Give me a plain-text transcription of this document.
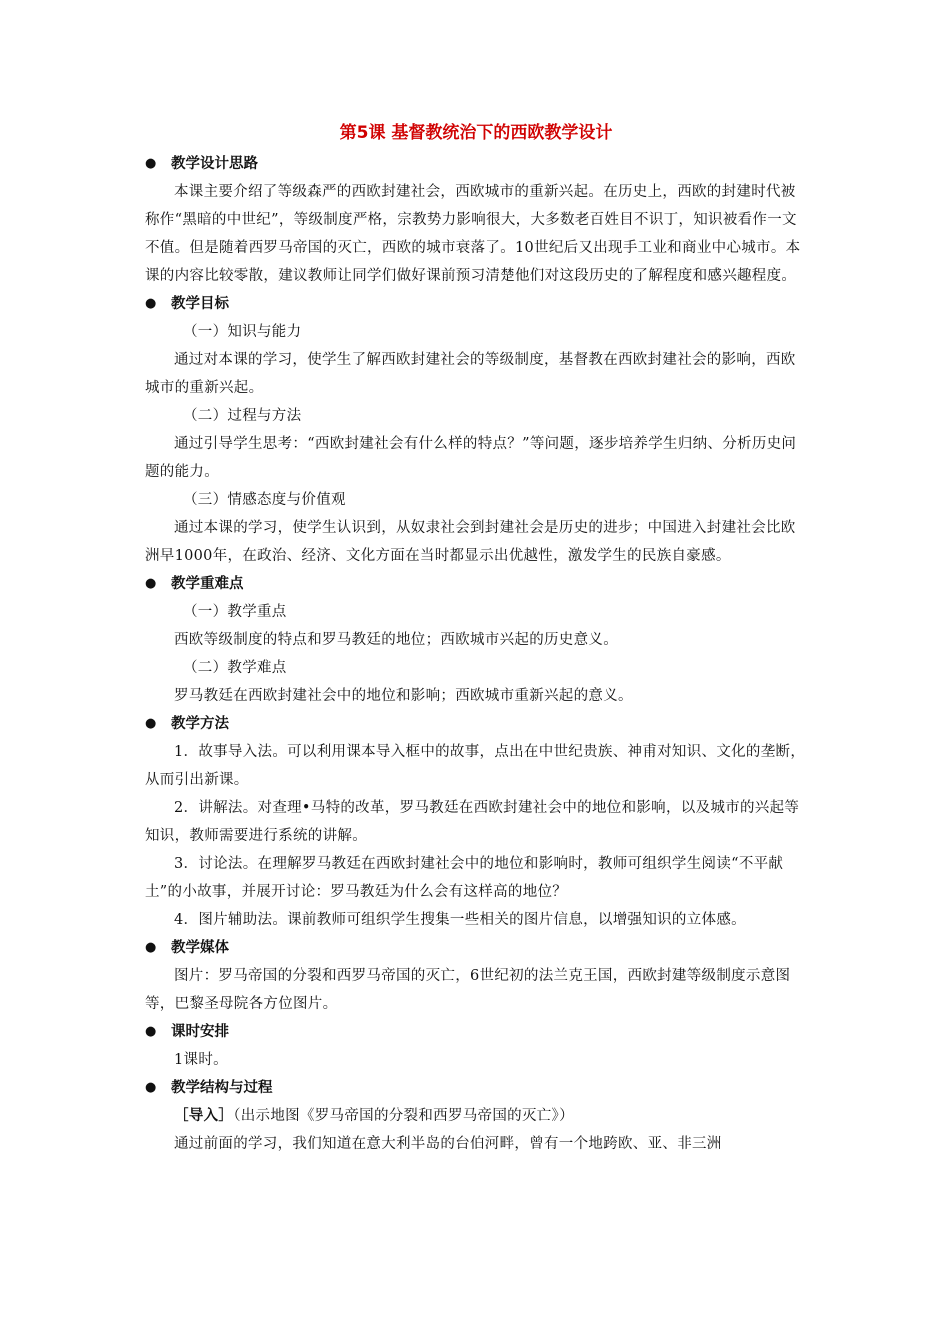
第5课 基督教统治下的西欧教学设计
●	教学设计思路

本课主要介绍了等级森严的西欧封建社会，西欧城市的重新兴起。在历史上，西欧的封建时代被称作“黑暗的中世纪”，等级制度严格，宗教势力影响很大，大多数老百姓目不识丁，知识被看作一文不值。但是随着西罗马帝国的灭亡，西欧的城市衰落了。10世纪后又出现手工业和商业中心城市。本课的内容比较零散，建议教师让同学们做好课前预习清楚他们对这段历史的了解程度和感兴趣程度。

●	教学目标

（一）知识与能力

通过对本课的学习，使学生了解西欧封建社会的等级制度，基督教在西欧封建社会的影响，西欧城市的重新兴起。

（二）过程与方法

通过引导学生思考：“西欧封建社会有什么样的特点？”等问题，逐步培养学生归纳、分析历史问题的能力。

（三）情感态度与价值观

通过本课的学习，使学生认识到，从奴隶社会到封建社会是历史的进步；中国进入封建社会比欧洲早1000年，在政治、经济、文化方面在当时都显示出优越性，激发学生的民族自豪感。

●	教学重难点

（一）教学重点

西欧等级制度的特点和罗马教廷的地位；西欧城市兴起的历史意义。

（二）教学难点

罗马教廷在西欧封建社会中的地位和影响；西欧城市重新兴起的意义。

●	教学方法

1．故事导入法。可以利用课本导入框中的故事，点出在中世纪贵族、神甫对知识、文化的垄断，从而引出新课。

2．讲解法。对查理•马特的改革，罗马教廷在西欧封建社会中的地位和影响，以及城市的兴起等知识，教师需要进行系统的讲解。

3．讨论法。在理解罗马教廷在西欧封建社会中的地位和影响时，教师可组织学生阅读“不平献土”的小故事，并展开讨论：罗马教廷为什么会有这样高的地位？

4．图片辅助法。课前教师可组织学生搜集一些相关的图片信息，以增强知识的立体感。

●	教学媒体

图片：罗马帝国的分裂和西罗马帝国的灭亡，6世纪初的法兰克王国，西欧封建等级制度示意图等，巴黎圣母院各方位图片。

●	课时安排

1课时。

●	教学结构与过程

［导入］（出示地图《罗马帝国的分裂和西罗马帝国的灭亡》）

通过前面的学习，我们知道在意大利半岛的台伯河畔，曾有一个地跨欧、亚、非三洲
